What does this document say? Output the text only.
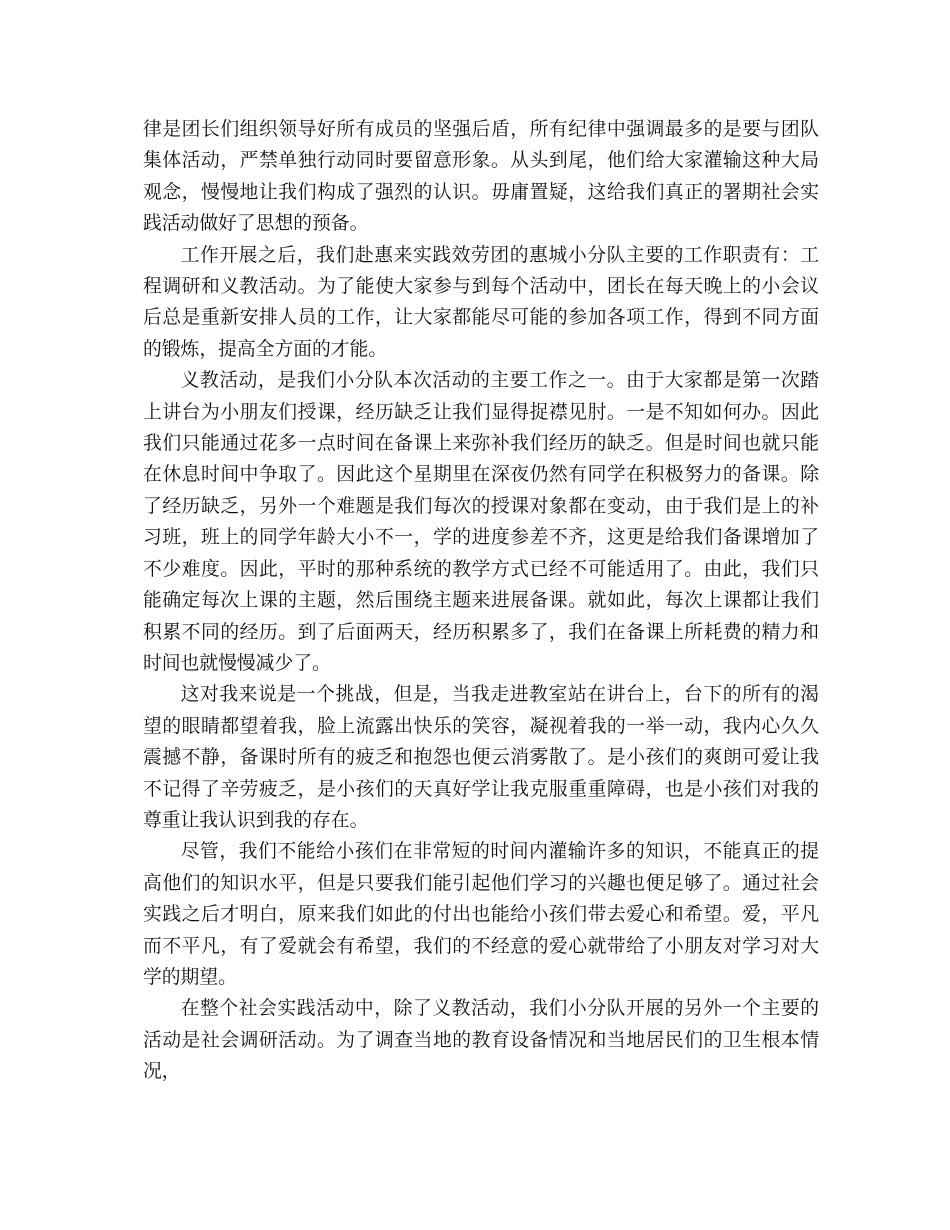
律是团长们组织领导好所有成员的坚强后盾，所有纪律中强调最多的是要与团队集体活动，严禁单独行动同时要留意形象。从头到尾，他们给大家灌输这种大局观念，慢慢地让我们构成了强烈的认识。毋庸置疑，这给我们真正的署期社会实践活动做好了思想的预备。

工作开展之后，我们赴惠来实践效劳团的惠城小分队主要的工作职责有：工程调研和义教活动。为了能使大家参与到每个活动中，团长在每天晚上的小会议后总是重新安排人员的工作，让大家都能尽可能的参加各项工作，得到不同方面的锻炼，提高全方面的才能。

义教活动，是我们小分队本次活动的主要工作之一。由于大家都是第一次踏上讲台为小朋友们授课，经历缺乏让我们显得捉襟见肘。一是不知如何办。因此我们只能通过花多一点时间在备课上来弥补我们经历的缺乏。但是时间也就只能在休息时间中争取了。因此这个星期里在深夜仍然有同学在积极努力的备课。除了经历缺乏，另外一个难题是我们每次的授课对象都在变动，由于我们是上的补习班，班上的同学年龄大小不一，学的进度参差不齐，这更是给我们备课增加了不少难度。因此，平时的那种系统的教学方式已经不可能适用了。由此，我们只能确定每次上课的主题，然后围绕主题来进展备课。就如此，每次上课都让我们积累不同的经历。到了后面两天，经历积累多了，我们在备课上所耗费的精力和时间也就慢慢减少了。

这对我来说是一个挑战，但是，当我走进教室站在讲台上，台下的所有的渴望的眼睛都望着我，脸上流露出快乐的笑容，凝视着我的一举一动，我内心久久震撼不静，备课时所有的疲乏和抱怨也便云消雾散了。是小孩们的爽朗可爱让我不记得了辛劳疲乏，是小孩们的天真好学让我克服重重障碍，也是小孩们对我的尊重让我认识到我的存在。

尽管，我们不能给小孩们在非常短的时间内灌输许多的知识，不能真正的提高他们的知识水平，但是只要我们能引起他们学习的兴趣也便足够了。通过社会实践之后才明白，原来我们如此的付出也能给小孩们带去爱心和希望。爱，平凡而不平凡，有了爱就会有希望，我们的不经意的爱心就带给了小朋友对学习对大学的期望。

在整个社会实践活动中，除了义教活动，我们小分队开展的另外一个主要的活动是社会调研活动。为了调查当地的教育设备情况和当地居民们的卫生根本情况，
